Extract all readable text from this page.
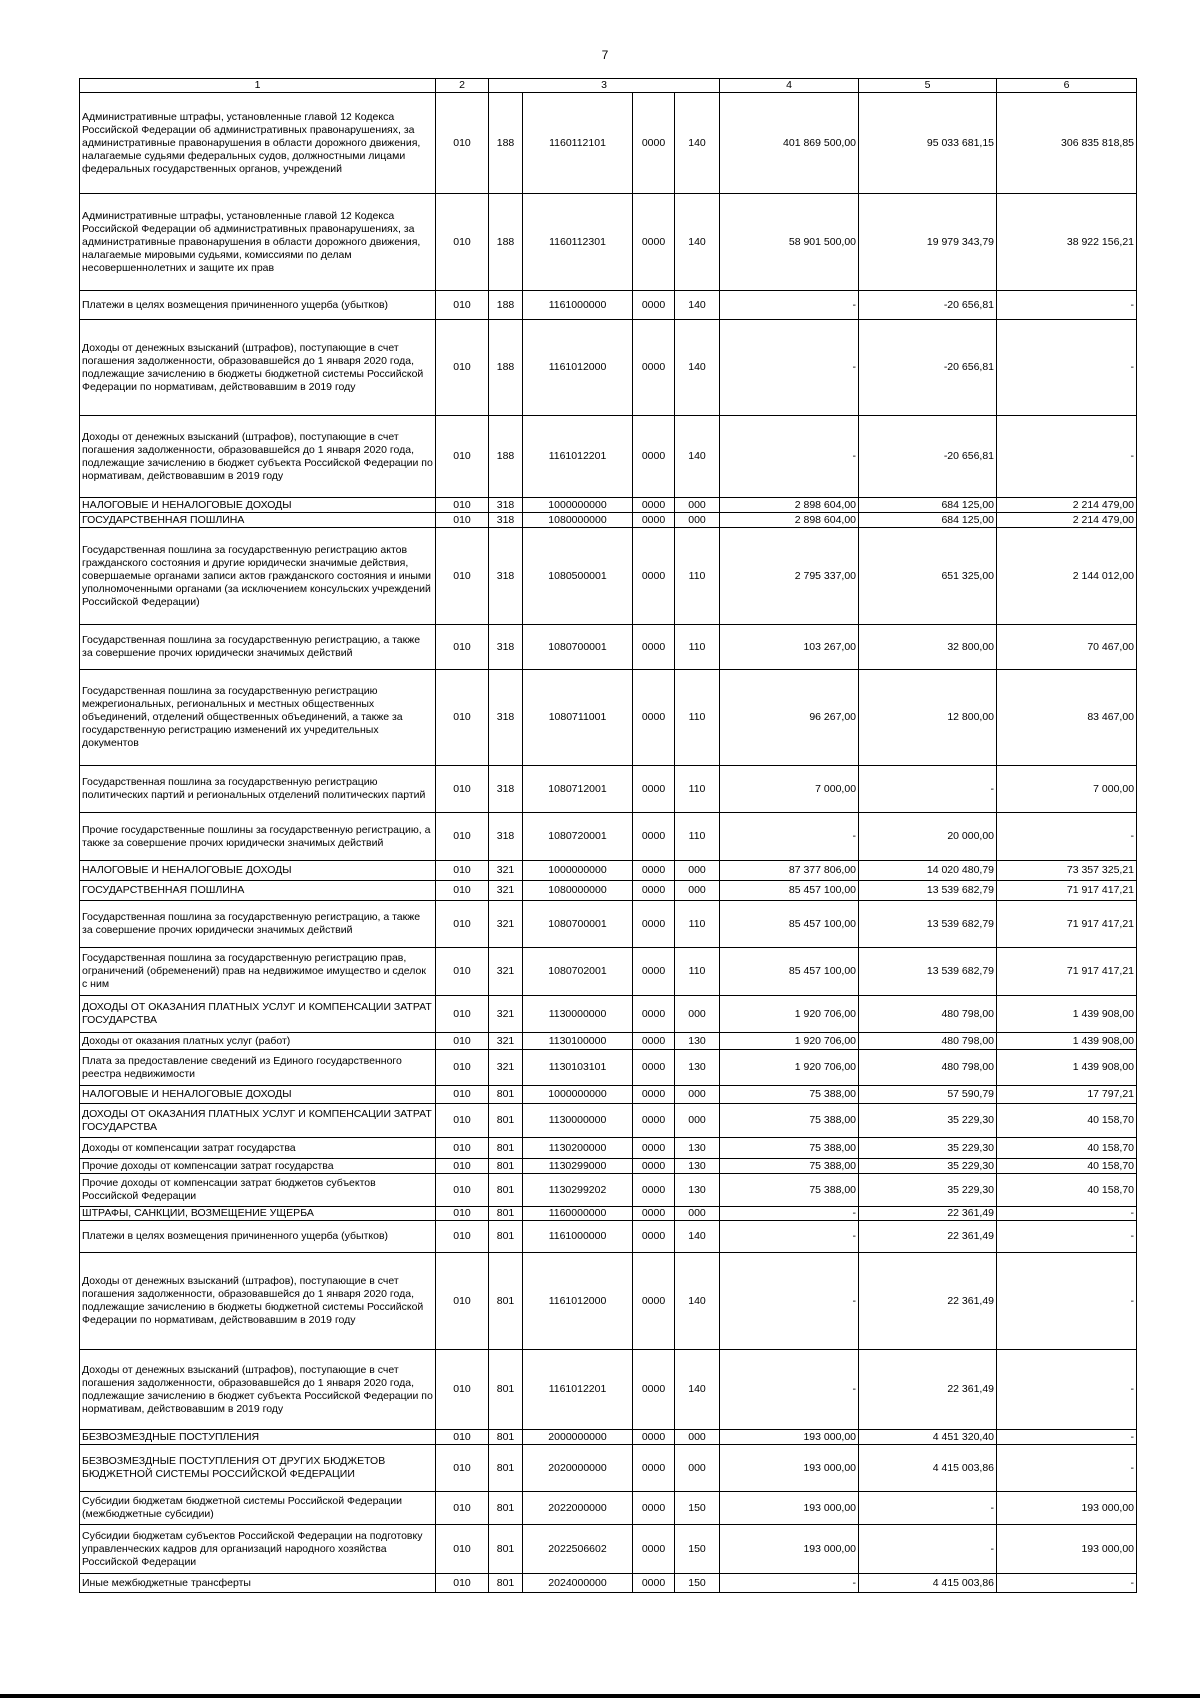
7
1	2	3				4	5	6
Административные штрафы, установленные главой 12 Кодекса Российской Федерации об административных правонарушениях, за административные правонарушения в области дорожного движения, налагаемые судьями федеральных судов, должностными лицами федеральных государственных органов, учреждений	010	188	1160112101	0000	140	401 869 500,00	95 033 681,15	306 835 818,85
Административные штрафы, установленные главой 12 Кодекса Российской Федерации об административных правонарушениях, за административные правонарушения в области дорожного движения, налагаемые мировыми судьями, комиссиями по делам несовершеннолетних и защите их прав	010	188	1160112301	0000	140	58 901 500,00	19 979 343,79	38 922 156,21
Платежи в целях возмещения причиненного ущерба (убытков)	010	188	1161000000	0000	140	-	-20 656,81	-
Доходы от денежных взысканий (штрафов), поступающие в счет погашения задолженности, образовавшейся до 1 января 2020 года, подлежащие зачислению в бюджеты бюджетной системы Российской Федерации по нормативам, действовавшим в 2019 году	010	188	1161012000	0000	140	-	-20 656,81	-
Доходы от денежных взысканий (штрафов), поступающие в счет погашения задолженности, образовавшейся до 1 января 2020 года, подлежащие зачислению в бюджет субъекта Российской Федерации по нормативам, действовавшим в 2019 году	010	188	1161012201	0000	140	-	-20 656,81	-
НАЛОГОВЫЕ И НЕНАЛОГОВЫЕ ДОХОДЫ	010	318	1000000000	0000	000	2 898 604,00	684 125,00	2 214 479,00
ГОСУДАРСТВЕННАЯ ПОШЛИНА	010	318	1080000000	0000	000	2 898 604,00	684 125,00	2 214 479,00
Государственная пошлина за государственную регистрацию актов гражданского состояния и другие юридически значимые действия, совершаемые органами записи актов гражданского состояния и иными уполномоченными органами (за исключением консульских учреждений Российской Федерации)	010	318	1080500001	0000	110	2 795 337,00	651 325,00	2 144 012,00
Государственная пошлина за государственную регистрацию, а также за совершение прочих юридически значимых действий	010	318	1080700001	0000	110	103 267,00	32 800,00	70 467,00
Государственная пошлина за государственную регистрацию межрегиональных, региональных и местных общественных объединений, отделений общественных объединений, а также за государственную регистрацию изменений их учредительных документов	010	318	1080711001	0000	110	96 267,00	12 800,00	83 467,00
Государственная пошлина за государственную регистрацию политических партий и региональных отделений политических партий	010	318	1080712001	0000	110	7 000,00	-	7 000,00
Прочие государственные пошлины за государственную регистрацию, а также за совершение прочих юридически значимых действий	010	318	1080720001	0000	110	-	20 000,00	-
НАЛОГОВЫЕ И НЕНАЛОГОВЫЕ ДОХОДЫ	010	321	1000000000	0000	000	87 377 806,00	14 020 480,79	73 357 325,21
ГОСУДАРСТВЕННАЯ ПОШЛИНА	010	321	1080000000	0000	000	85 457 100,00	13 539 682,79	71 917 417,21
Государственная пошлина за государственную регистрацию, а также за совершение прочих юридически значимых действий	010	321	1080700001	0000	110	85 457 100,00	13 539 682,79	71 917 417,21
Государственная пошлина за государственную регистрацию прав, ограничений (обременений) прав на недвижимое имущество и сделок с ним	010	321	1080702001	0000	110	85 457 100,00	13 539 682,79	71 917 417,21
ДОХОДЫ ОТ ОКАЗАНИЯ ПЛАТНЫХ УСЛУГ И КОМПЕНСАЦИИ ЗАТРАТ ГОСУДАРСТВА	010	321	1130000000	0000	000	1 920 706,00	480 798,00	1 439 908,00
Доходы от оказания платных услуг (работ)	010	321	1130100000	0000	130	1 920 706,00	480 798,00	1 439 908,00
Плата за предоставление сведений из Единого государственного реестра недвижимости	010	321	1130103101	0000	130	1 920 706,00	480 798,00	1 439 908,00
НАЛОГОВЫЕ И НЕНАЛОГОВЫЕ ДОХОДЫ	010	801	1000000000	0000	000	75 388,00	57 590,79	17 797,21
ДОХОДЫ ОТ ОКАЗАНИЯ ПЛАТНЫХ УСЛУГ И КОМПЕНСАЦИИ ЗАТРАТ ГОСУДАРСТВА	010	801	1130000000	0000	000	75 388,00	35 229,30	40 158,70
Доходы от компенсации затрат государства	010	801	1130200000	0000	130	75 388,00	35 229,30	40 158,70
Прочие доходы от компенсации затрат государства	010	801	1130299000	0000	130	75 388,00	35 229,30	40 158,70
Прочие доходы от компенсации затрат бюджетов субъектов Российской Федерации	010	801	1130299202	0000	130	75 388,00	35 229,30	40 158,70
ШТРАФЫ, САНКЦИИ, ВОЗМЕЩЕНИЕ УЩЕРБА	010	801	1160000000	0000	000	-	22 361,49	-
Платежи в целях возмещения причиненного ущерба (убытков)	010	801	1161000000	0000	140	-	22 361,49	-
Доходы от денежных взысканий (штрафов), поступающие в счет погашения задолженности, образовавшейся до 1 января 2020 года, подлежащие зачислению в бюджеты бюджетной системы Российской Федерации по нормативам, действовавшим в 2019 году	010	801	1161012000	0000	140	-	22 361,49	-
Доходы от денежных взысканий (штрафов), поступающие в счет погашения задолженности, образовавшейся до 1 января 2020 года, подлежащие зачислению в бюджет субъекта Российской Федерации по нормативам, действовавшим в 2019 году	010	801	1161012201	0000	140	-	22 361,49	-
БЕЗВОЗМЕЗДНЫЕ ПОСТУПЛЕНИЯ	010	801	2000000000	0000	000	193 000,00	4 451 320,40	-
БЕЗВОЗМЕЗДНЫЕ ПОСТУПЛЕНИЯ ОТ ДРУГИХ БЮДЖЕТОВ БЮДЖЕТНОЙ СИСТЕМЫ РОССИЙСКОЙ ФЕДЕРАЦИИ	010	801	2020000000	0000	000	193 000,00	4 415 003,86	-
Субсидии бюджетам бюджетной системы Российской Федерации (межбюджетные субсидии)	010	801	2022000000	0000	150	193 000,00	-	193 000,00
Субсидии бюджетам субъектов Российской Федерации на подготовку управленческих кадров для организаций народного хозяйства Российской Федерации	010	801	2022506602	0000	150	193 000,00	-	193 000,00
Иные межбюджетные трансферты	010	801	2024000000	0000	150	-	4 415 003,86	-
